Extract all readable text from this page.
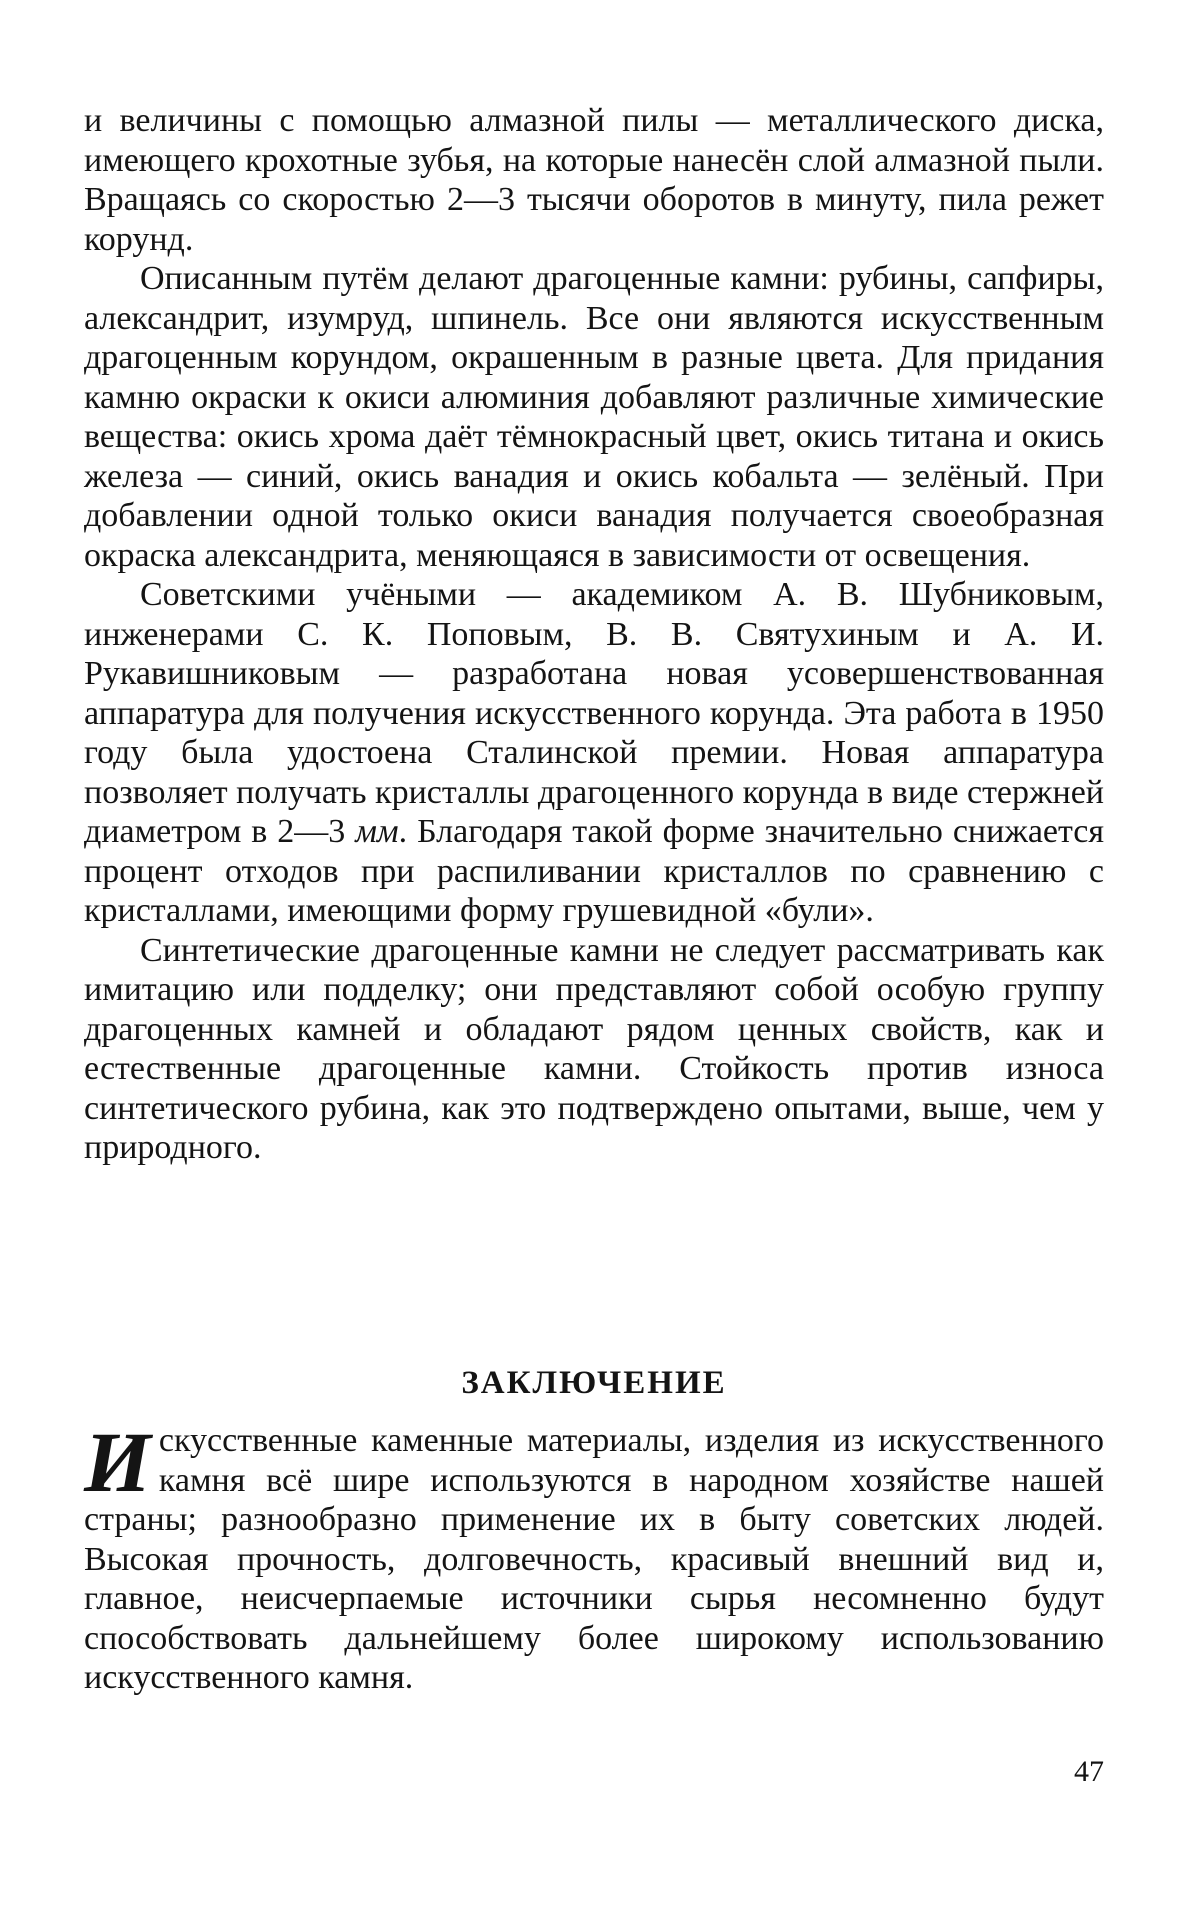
и величины с помощью алмазной пилы — металлического диска, имеющего крохотные зубья, на которые нанесён слой алмазной пыли. Вращаясь со скоростью 2—3 тысячи оборотов в минуту, пила режет корунд.

Описанным путём делают драгоценные камни: рубины, сапфиры, александрит, изумруд, шпинель. Все они являются искусственным драгоценным корундом, окрашенным в разные цвета. Для придания камню окраски к окиси алюминия добавляют различные химические вещества: окись хрома даёт тёмнокрасный цвет, окись титана и окись железа — синий, окись ванадия и окись кобальта — зелёный. При добавлении одной только окиси ванадия получается своеобразная окраска александрита, меняющаяся в зависимости от освещения.

Советскими учёными — академиком А. В. Шубниковым, инженерами С. К. Поповым, В. В. Святухиным и А. И. Рукавишниковым — разработана новая усовершенствованная аппаратура для получения искусственного корунда. Эта работа в 1950 году была удостоена Сталинской премии. Новая аппаратура позволяет получать кристаллы драгоценного корунда в виде стержней диаметром в 2—3 мм. Благодаря такой форме значительно снижается процент отходов при распиливании кристаллов по сравнению с кристаллами, имеющими форму грушевидной «були».

Синтетические драгоценные камни не следует рассматривать как имитацию или подделку; они представляют собой особую группу драгоценных камней и обладают рядом ценных свойств, как и естественные драгоценные камни. Стойкость против износа синтетического рубина, как это подтверждено опытами, выше, чем у природного.

ЗАКЛЮЧЕНИЕ
И скусственные каменные материалы, изделия из искусственного камня всё шире используются в народном хозяйстве нашей страны; разнообразно применение их в быту советских людей. Высокая прочность, долговечность, красивый внешний вид и, главное, неисчерпаемые источники сырья несомненно будут способствовать дальнейшему более широкому использованию искусственного камня.

47
